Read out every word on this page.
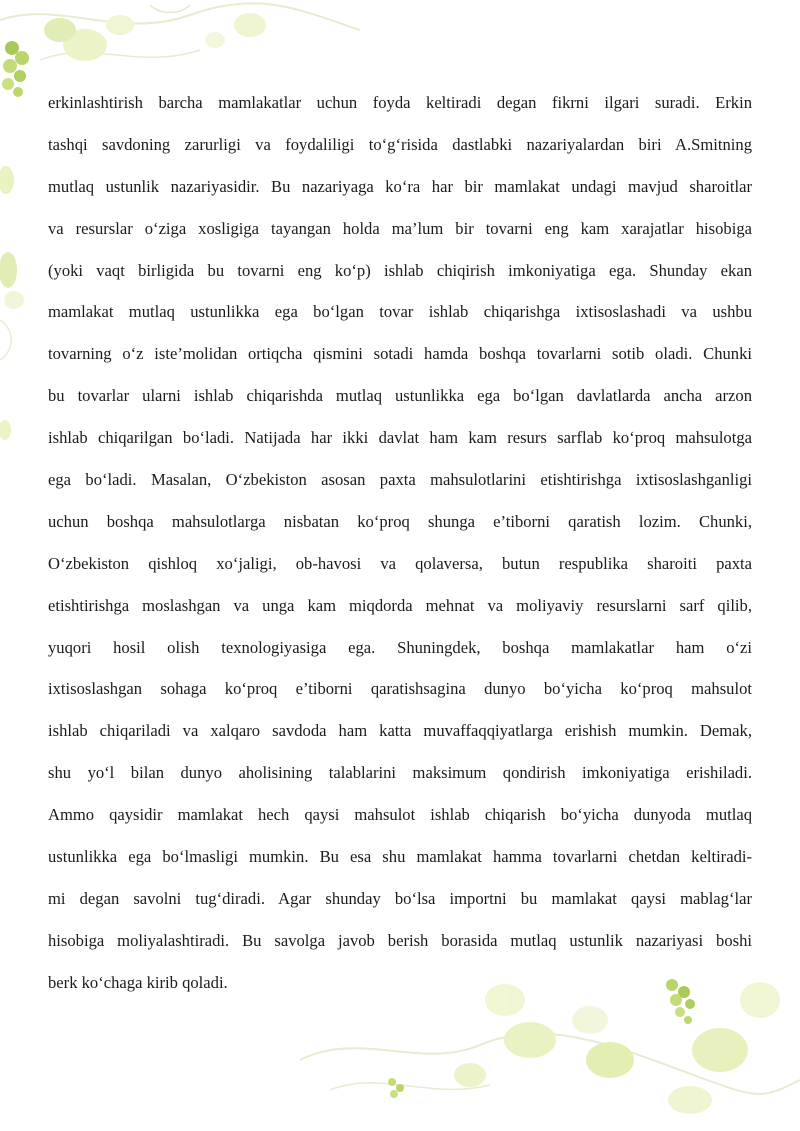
erkinlashtirish barcha mamlakatlar uchun foyda keltiradi degan fikrni ilgari suradi. Erkin
tashqi savdoning zarurligi va foydaliligi to‘g‘risida dastlabki nazariyalardan biri A.Smitning
mutlaq ustunlik nazariyasidir. Bu nazariyaga ko‘ra har bir mamlakat undagi mavjud sharoitlar
va resurslar o‘ziga xosligiga tayangan holda ma’lum bir tovarni eng kam xarajatlar hisobiga
(yoki vaqt birligida bu tovarni eng ko‘p) ishlab chiqirish imkoniyatiga ega. Shunday ekan
mamlakat mutlaq ustunlikka ega bo‘lgan tovar ishlab chiqarishga ixtisoslashadi va ushbu
tovarning o‘z iste’molidan ortiqcha qismini sotadi hamda boshqa tovarlarni sotib oladi. Chunki
bu tovarlar ularni ishlab chiqarishda mutlaq ustunlikka ega bo‘lgan davlatlarda ancha arzon
ishlab chiqarilgan bo‘ladi. Natijada har ikki davlat ham kam resurs sarflab ko‘proq mahsulotga
ega bo‘ladi. Masalan, O‘zbekiston asosan paxta mahsulotlarini etishtirishga ixtisoslashganligi
uchun boshqa mahsulotlarga nisbatan ko‘proq shunga e’tiborni qaratish lozim. Chunki,
O‘zbekiston qishloq xo‘jaligi, ob-havosi va qolaversa, butun respublika sharoiti paxta
etishtirishga moslashgan va unga kam miqdorda mehnat va moliyaviy resurslarni sarf qilib,
yuqori hosil olish texnologiyasiga ega. Shuningdek, boshqa mamlakatlar ham o‘zi
ixtisoslashgan sohaga ko‘proq e’tiborni qaratishsagina dunyo bo‘yicha ko‘proq mahsulot
ishlab chiqariladi va xalqaro savdoda ham katta muvaffaqqiyatlarga erishish mumkin. Demak,
shu yo‘l bilan dunyo aholisining talablarini maksimum qondirish imkoniyatiga erishiladi.
Ammo qaysidir mamlakat hech qaysi mahsulot ishlab chiqarish bo‘yicha dunyoda mutlaq
ustunlikka ega bo‘lmasligi mumkin. Bu esa shu mamlakat hamma tovarlarni chetdan keltiradi-
mi degan savolni tug‘diradi. Agar shunday bo‘lsa importni bu mamlakat qaysi mablag‘lar
hisobiga moliyalashtiradi. Bu savolga javob berish borasida mutlaq ustunlik nazariyasi boshi
berk ko‘chaga kirib qoladi.
